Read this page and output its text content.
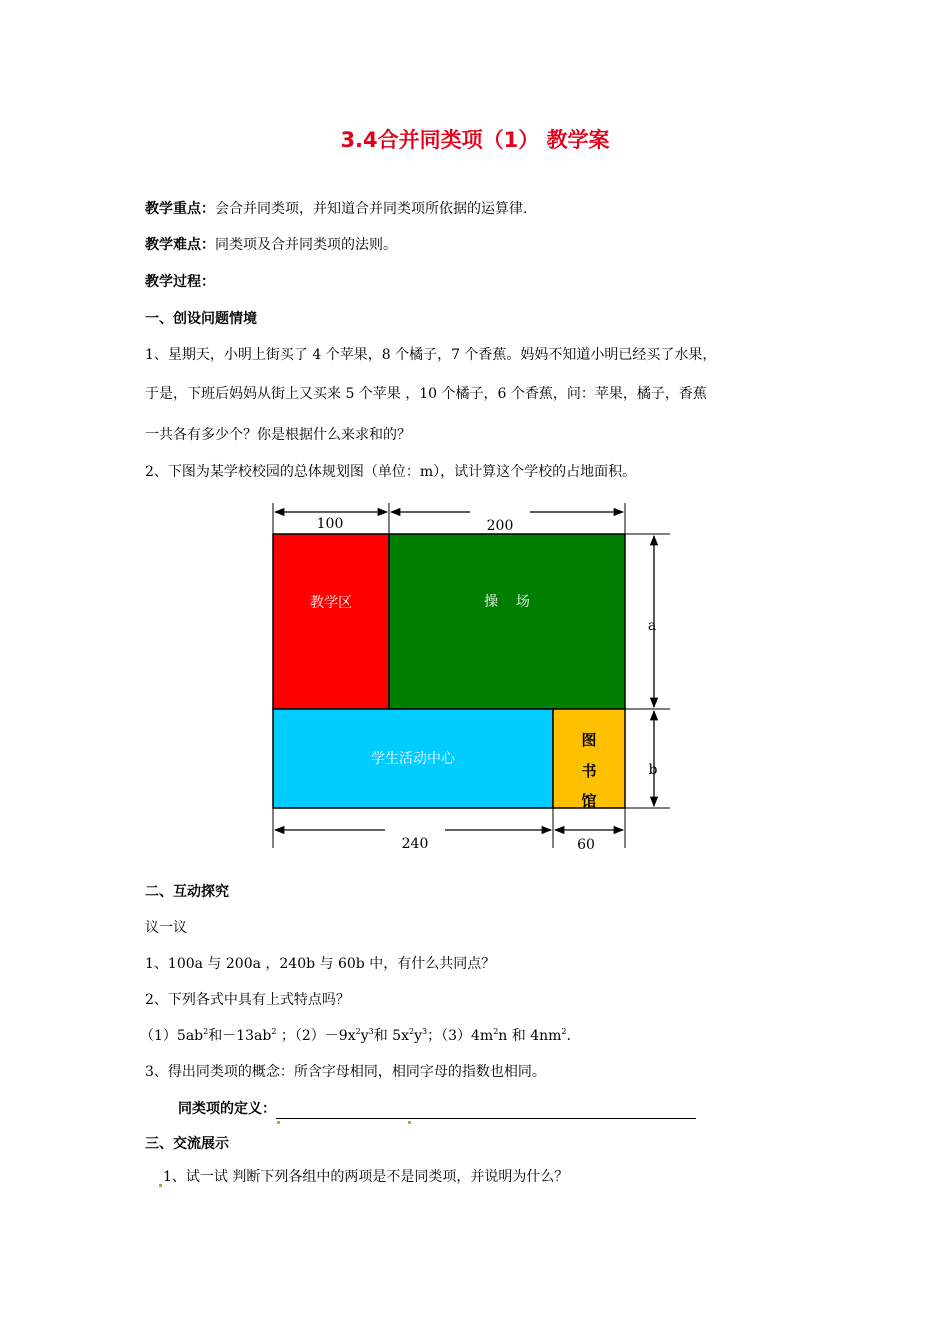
3.4合并同类项（1） 教学案
教学重点：会合并同类项，并知道合并同类项所依据的运算律.
教学难点：同类项及合并同类项的法则。
教学过程：
一、创设问题情境
1、星期天，小明上街买了 4 个苹果，8 个橘子，7 个香蕉。妈妈不知道小明已经买了水果，
于是，下班后妈妈从街上又买来 5 个苹果 ，10 个橘子，6 个香蕉，问：苹果，橘子，香蕉
一共各有多少个？你是根据什么来求和的？
2、下图为某学校校园的总体规划图（单位：m），试计算这个学校的占地面积。
100	200
a
b
240	60
教学区	操    场
学生活动中心
图
书
馆
二、互动探究
议一议
1、100a 与 200a ，240b 与 60b 中，有什么共同点？
2、下列各式中具有上式特点吗？
$(1)5ab^2$和$-13ab^2$ ；$(2)-9x^2y^3$和 $5x^2y^3$；$(3)4m^2n$ 和 $4nm^2$.
3、得出同类项的概念：所含字母相同，相同字母的指数也相同。
同类项的定义：
三、交流展示
1、试一试 判断下列各组中的两项是不是同类项，并说明为什么？
